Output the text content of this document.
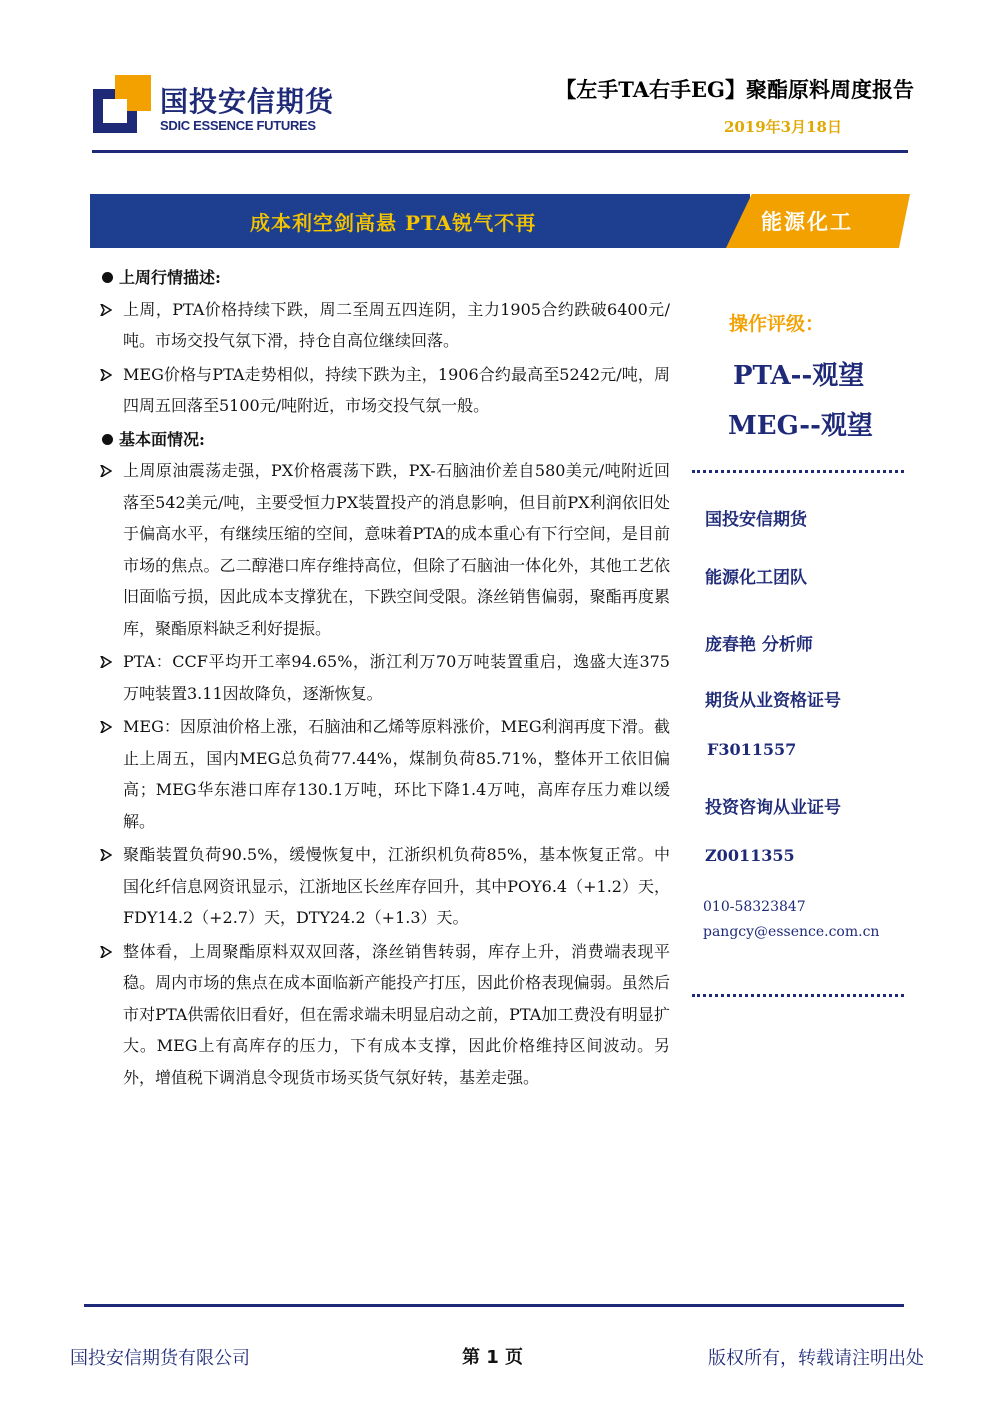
国投安信期货
SDIC ESSENCE FUTURES
【左手TA右手EG】聚酯原料周度报告
2019年3月18日
成本利空剑高悬 PTA锐气不再	能源化工

上周行情描述:

上周，PTA价格持续下跌，周二至周五四连阴，主力1905合约跌破6400元/吨。市场交投气氛下滑，持仓自高位继续回落。

MEG价格与PTA走势相似，持续下跌为主，1906合约最高至5242元/吨，周四周五回落至5100元/吨附近，市场交投气氛一般。

基本面情况:

上周原油震荡走强，PX价格震荡下跌，PX-石脑油价差自580美元/吨附近回落至542美元/吨，主要受恒力PX装置投产的消息影响，但目前PX利润依旧处于偏高水平，有继续压缩的空间，意味着PTA的成本重心有下行空间，是目前市场的焦点。乙二醇港口库存维持高位，但除了石脑油一体化外，其他工艺依旧面临亏损，因此成本支撑犹在，下跌空间受限。涤丝销售偏弱，聚酯再度累库，聚酯原料缺乏利好提振。

PTA：CCF平均开工率94.65%，浙江利万70万吨装置重启，逸盛大连375万吨装置3.11因故降负，逐渐恢复。

MEG：因原油价格上涨，石脑油和乙烯等原料涨价，MEG利润再度下滑。截止上周五，国内MEG总负荷77.44%，煤制负荷85.71%，整体开工依旧偏高；MEG华东港口库存130.1万吨，环比下降1.4万吨，高库存压力难以缓解。

聚酯装置负荷90.5%，缓慢恢复中，江浙织机负荷85%，基本恢复正常。中国化纤信息网资讯显示，江浙地区长丝库存回升，其中POY6.4（+1.2）天，FDY14.2（+2.7）天，DTY24.2（+1.3）天。

整体看，上周聚酯原料双双回落，涤丝销售转弱，库存上升，消费端表现平稳。周内市场的焦点在成本面临新产能投产打压，因此价格表现偏弱。虽然后市对PTA供需依旧看好，但在需求端未明显启动之前，PTA加工费没有明显扩大。MEG上有高库存的压力，下有成本支撑，因此价格维持区间波动。另外，增值税下调消息令现货市场买货气氛好转，基差走强。

操作评级：
PTA--观望
MEG--观望
国投安信期货
能源化工团队
庞春艳 分析师
期货从业资格证号
F3011557
投资咨询从业证号
Z0011355
010-58323847
pangcy@essence.com.cn
国投安信期货有限公司	第 1 页	版权所有，转载请注明出处
